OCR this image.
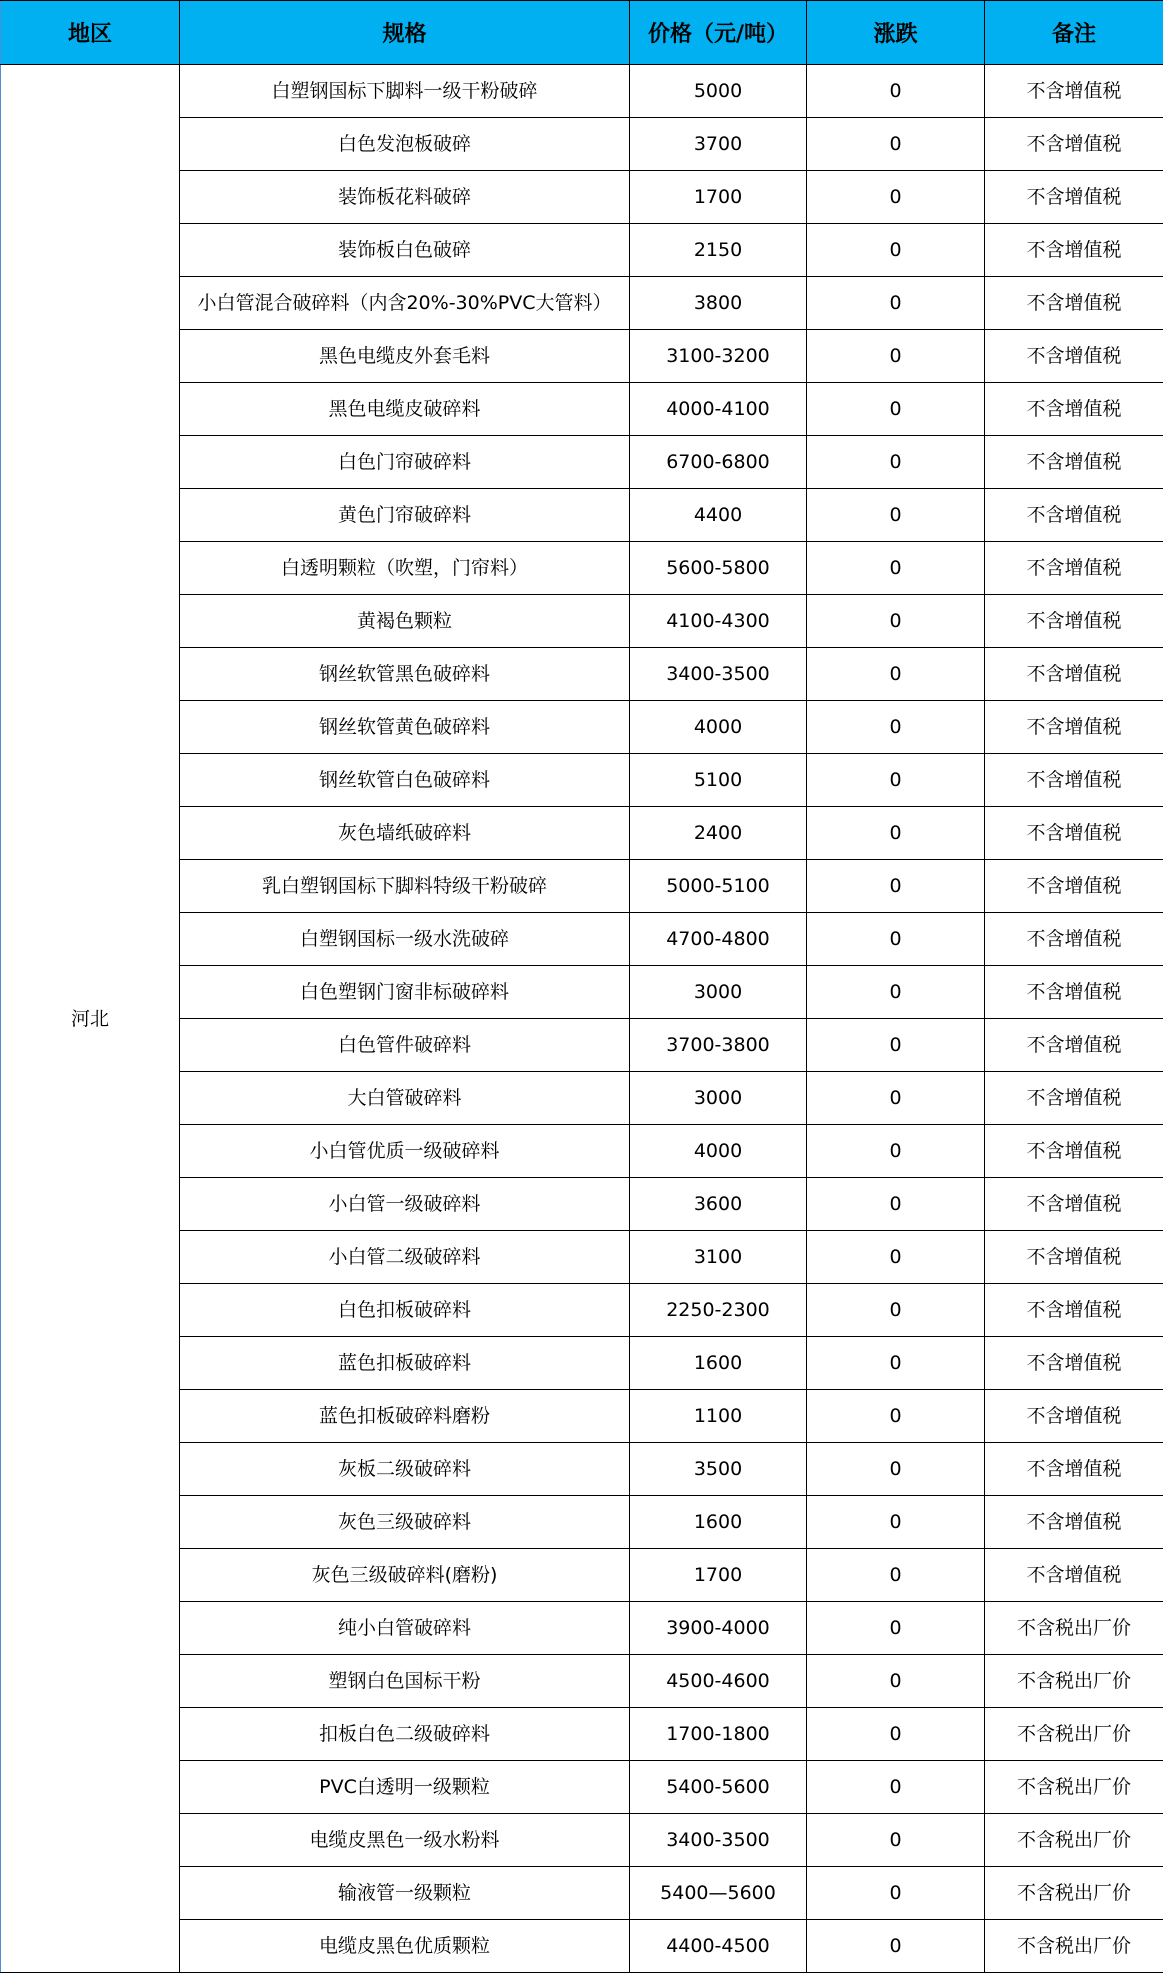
地区	规格	价格（元/吨）	涨跌	备注
河北	白塑钢国标下脚料一级干粉破碎	5000	0	不含增值税
	白色发泡板破碎	3700	0	不含增值税
	装饰板花料破碎	1700	0	不含增值税
	装饰板白色破碎	2150	0	不含增值税
	小白管混合破碎料（内含20%-30%PVC大管料）	3800	0	不含增值税
	黑色电缆皮外套毛料	3100-3200	0	不含增值税
	黑色电缆皮破碎料	4000-4100	0	不含增值税
	白色门帘破碎料	6700-6800	0	不含增值税
	黄色门帘破碎料	4400	0	不含增值税
	白透明颗粒（吹塑，门帘料）	5600-5800	0	不含增值税
	黄褐色颗粒	4100-4300	0	不含增值税
	钢丝软管黑色破碎料	3400-3500	0	不含增值税
	钢丝软管黄色破碎料	4000	0	不含增值税
	钢丝软管白色破碎料	5100	0	不含增值税
	灰色墙纸破碎料	2400	0	不含增值税
	乳白塑钢国标下脚料特级干粉破碎	5000-5100	0	不含增值税
	白塑钢国标一级水洗破碎	4700-4800	0	不含增值税
	白色塑钢门窗非标破碎料	3000	0	不含增值税
	白色管件破碎料	3700-3800	0	不含增值税
	大白管破碎料	3000	0	不含增值税
	小白管优质一级破碎料	4000	0	不含增值税
	小白管一级破碎料	3600	0	不含增值税
	小白管二级破碎料	3100	0	不含增值税
	白色扣板破碎料	2250-2300	0	不含增值税
	蓝色扣板破碎料	1600	0	不含增值税
	蓝色扣板破碎料磨粉	1100	0	不含增值税
	灰板二级破碎料	3500	0	不含增值税
	灰色三级破碎料	1600	0	不含增值税
	灰色三级破碎料(磨粉)	1700	0	不含增值税
	纯小白管破碎料	3900-4000	0	不含税出厂价
	塑钢白色国标干粉	4500-4600	0	不含税出厂价
	扣板白色二级破碎料	1700-1800	0	不含税出厂价
	PVC白透明一级颗粒	5400-5600	0	不含税出厂价
	电缆皮黑色一级水粉料	3400-3500	0	不含税出厂价
	输液管一级颗粒	5400—5600	0	不含税出厂价
	电缆皮黑色优质颗粒	4400-4500	0	不含税出厂价
